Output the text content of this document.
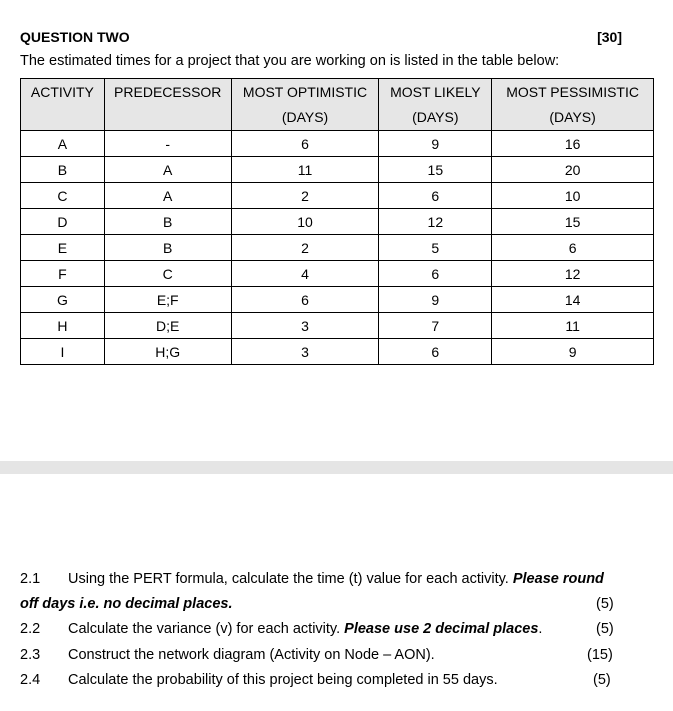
QUESTION TWO	[30]
The estimated times for a project that you are working on is listed in the table below:
ACTIVITY	PREDECESSOR	MOST OPTIMISTIC	MOST LIKELY	MOST PESSIMISTIC
		(DAYS)	(DAYS)	(DAYS)
A	-	6	9	16
B	A	11	15	20
C	A	2	6	10
D	B	10	12	15
E	B	2	5	6
F	C	4	6	12
G	E;F	6	9	14
H	D;E	3	7	11
I	H;G	3	6	9
2.1 Using the PERT formula, calculate the time (t) value for each activity. Please round
off days i.e. no decimal places.	(5)
2.2 Calculate the variance (v) for each activity. Please use 2 decimal places.	(5)
2.3 Construct the network diagram (Activity on Node – AON).	(15)
2.4 Calculate the probability of this project being completed in 55 days.	(5)
